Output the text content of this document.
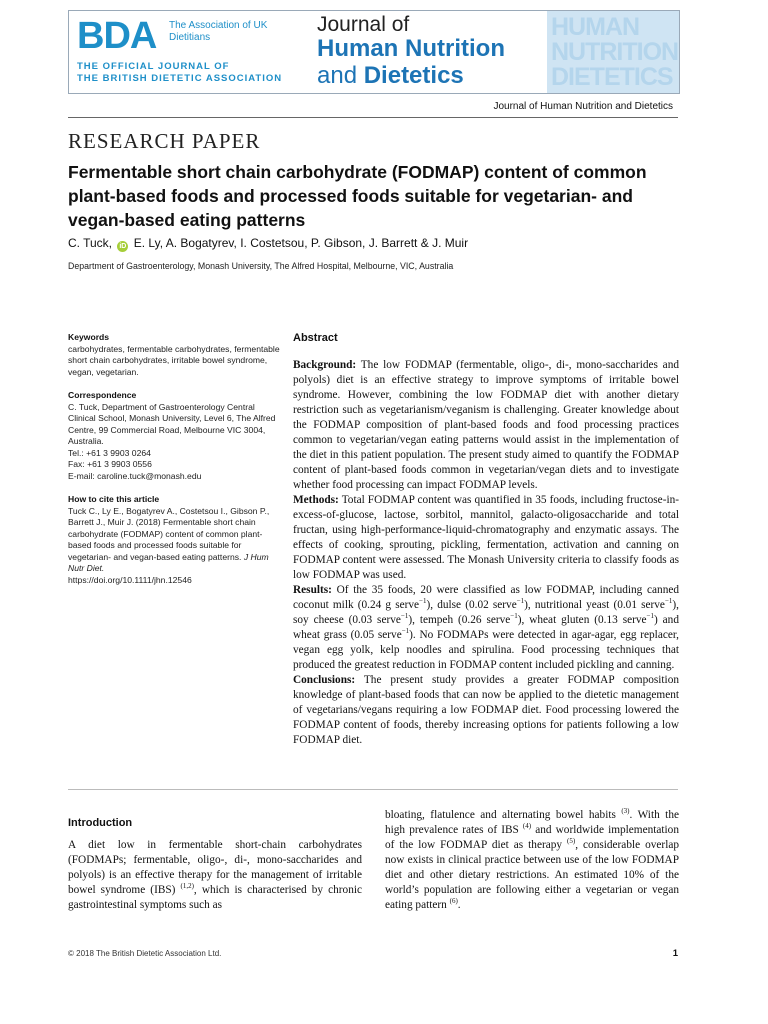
BDA The Association of UK Dietitians
THE OFFICIAL JOURNAL OF
THE BRITISH DIETETIC ASSOCIATION
Journal of
Human Nutrition
and Dietetics
HUMAN
NUTRITION
DIETETICS
Journal of Human Nutrition and Dietetics
RESEARCH PAPER
Fermentable short chain carbohydrate (FODMAP) content of common plant-based foods and processed foods suitable for vegetarian- and vegan-based eating patterns
C. Tuck, iD E. Ly, A. Bogatyrev, I. Costetsou, P. Gibson, J. Barrett & J. Muir
Department of Gastroenterology, Monash University, The Alfred Hospital, Melbourne, VIC, Australia
Keywords
carbohydrates, fermentable carbohydrates, fermentable short chain carbohydrates, irritable bowel syndrome, vegan, vegetarian.
Correspondence
C. Tuck, Department of Gastroenterology Central Clinical School, Monash University, Level 6, The Alfred Centre, 99 Commercial Road, Melbourne VIC 3004, Australia.
Tel.: +61 3 9903 0264
Fax: +61 3 9903 0556
E-mail: caroline.tuck@monash.edu
How to cite this article
Tuck C., Ly E., Bogatyrev A., Costetsou I., Gibson P., Barrett J., Muir J. (2018) Fermentable short chain carbohydrate (FODMAP) content of common plant-based foods and processed foods suitable for vegetarian- and vegan-based eating patterns. J Hum Nutr Diet.
https://doi.org/10.1111/jhn.12546
Abstract

Background: The low FODMAP (fermentable, oligo-, di-, mono-saccharides and polyols) diet is an effective strategy to improve symptoms of irritable bowel syndrome. However, combining the low FODMAP diet with another dietary restriction such as vegetarianism/veganism is challenging. Greater knowledge about the FODMAP composition of plant-based foods and food processing practices common to vegetarian/vegan eating patterns would assist in the implementation of the diet in this patient population. The present study aimed to quantify the FODMAP content of plant-based foods common in vegetarian/vegan diets and to investigate whether food processing can impact FODMAP levels.

Methods: Total FODMAP content was quantified in 35 foods, including fructose-in-excess-of-glucose, lactose, sorbitol, mannitol, galacto-oligosaccharide and total fructan, using high-performance-liquid-chromatography and enzymatic assays. The effects of cooking, sprouting, pickling, fermentation, activation and canning on FODMAP content were assessed. The Monash University criteria to classify foods as low FODMAP was used.

Results: Of the 35 foods, 20 were classified as low FODMAP, including canned coconut milk (0.24 g serve$^{-1}$), dulse (0.02 serve$^{-1}$), nutritional yeast (0.01 serve$^{-1}$), soy cheese (0.03 serve$^{-1}$), tempeh (0.26 serve$^{-1}$), wheat gluten (0.13 serve$^{-1}$) and wheat grass (0.05 serve$^{-1}$). No FODMAPs were detected in agar-agar, egg replacer, vegan egg yolk, kelp noodles and spirulina. Food processing techniques that produced the greatest reduction in FODMAP content included pickling and canning.

Conclusions: The present study provides a greater FODMAP composition knowledge of plant-based foods that can now be applied to the dietetic management of vegetarians/vegans requiring a low FODMAP diet. Food processing lowered the FODMAP content of foods, thereby increasing options for patients following a low FODMAP diet.

Introduction
A diet low in fermentable short-chain carbohydrates (FODMAPs; fermentable, oligo-, di-, mono-saccharides and polyols) is an effective therapy for the management of irritable bowel syndrome (IBS) $^{(1,2)}$, which is characterised by chronic gastrointestinal symptoms such as
bloating, flatulence and alternating bowel habits $^{(3)}$. With the high prevalence rates of IBS $^{(4)}$ and worldwide implementation of the low FODMAP diet as therapy $^{(5)}$, considerable overlap now exists in clinical practice between use of the low FODMAP diet and other dietary restrictions. An estimated 10% of the world’s population are following either a vegetarian or vegan eating pattern $^{(6)}$.
© 2018 The British Dietetic Association Ltd.	1
